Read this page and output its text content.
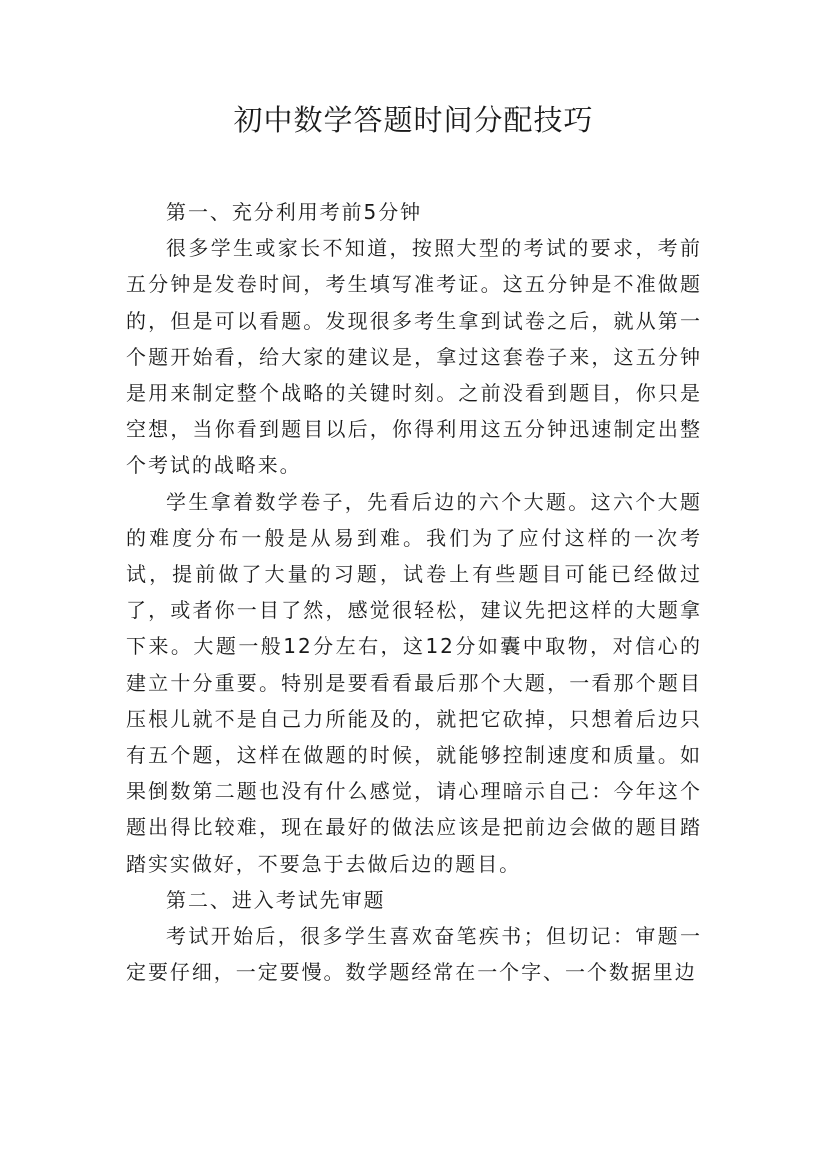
初中数学答题时间分配技巧

第一、充分利用考前5分钟

很多学生或家长不知道，按照大型的考试的要求，考前五分钟是发卷时间，考生填写准考证。这五分钟是不准做题的，但是可以看题。发现很多考生拿到试卷之后，就从第一个题开始看，给大家的建议是，拿过这套卷子来，这五分钟是用来制定整个战略的关键时刻。之前没看到题目，你只是空想，当你看到题目以后，你得利用这五分钟迅速制定出整个考试的战略来。

学生拿着数学卷子，先看后边的六个大题。这六个大题的难度分布一般是从易到难。我们为了应付这样的一次考试，提前做了大量的习题，试卷上有些题目可能已经做过了，或者你一目了然，感觉很轻松，建议先把这样的大题拿下来。大题一般12分左右，这12分如囊中取物，对信心的建立十分重要。特别是要看看最后那个大题，一看那个题目压根儿就不是自己力所能及的，就把它砍掉，只想着后边只有五个题，这样在做题的时候，就能够控制速度和质量。如果倒数第二题也没有什么感觉，请心理暗示自己：今年这个题出得比较难，现在最好的做法应该是把前边会做的题目踏踏实实做好，不要急于去做后边的题目。

第二、进入考试先审题

考试开始后，很多学生喜欢奋笔疾书；但切记：审题一定要仔细，一定要慢。数学题经常在一个字、一个数据里边
